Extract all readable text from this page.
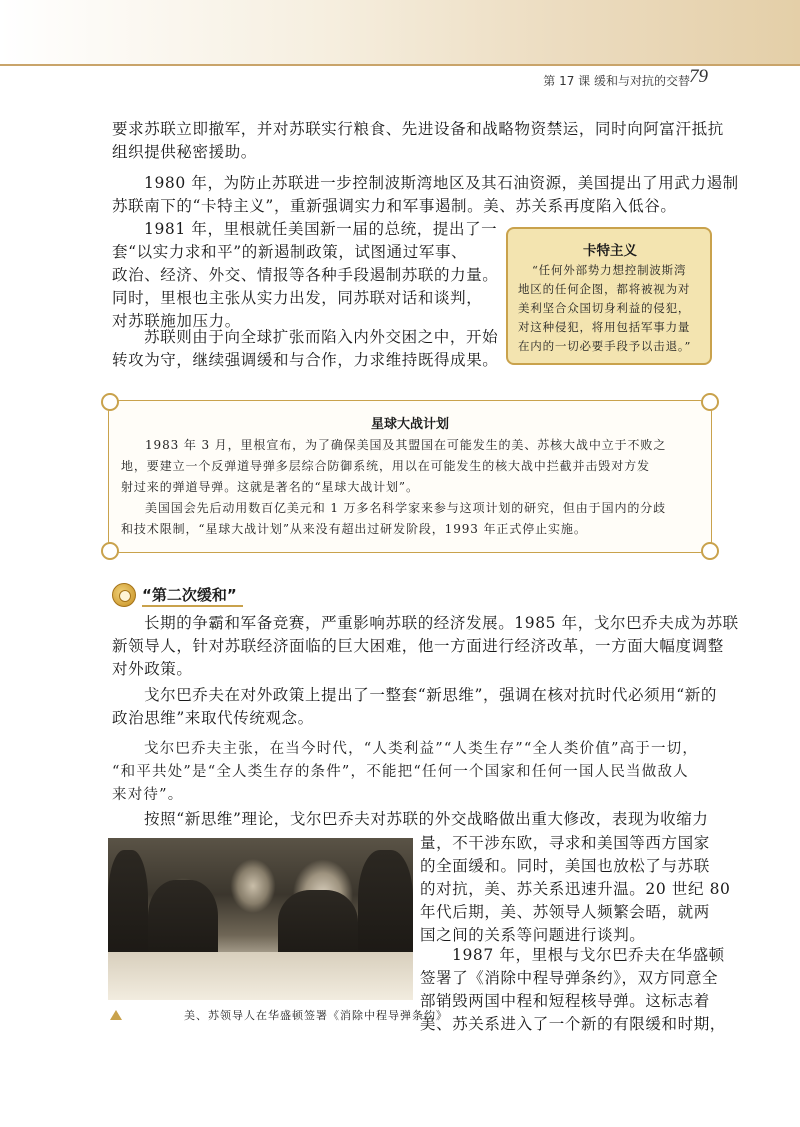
第 17 课 缓和与对抗的交替 79

要求苏联立即撤军，并对苏联实行粮食、先进设备和战略物资禁运，同时向阿富汗抵抗
组织提供秘密援助。

1980 年，为防止苏联进一步控制波斯湾地区及其石油资源，美国提出了用武力遏制
苏联南下的“卡特主义”，重新强调实力和军事遏制。美、苏关系再度陷入低谷。

1981 年，里根就任美国新一届的总统，提出了一
套“以实力求和平”的新遏制政策，试图通过军事、
政治、经济、外交、情报等各种手段遏制苏联的力量。
同时，里根也主张从实力出发，同苏联对话和谈判，
对苏联施加压力。

苏联则由于向全球扩张而陷入内外交困之中，开始
转攻为守，继续强调缓和与合作，力求维持既得成果。

卡特主义
“任何外部势力想控制波斯湾
地区的任何企图，都将被视为对
美利坚合众国切身利益的侵犯，
对这种侵犯，将用包括军事力量
在内的一切必要手段予以击退。”
星球大战计划
1983 年 3 月，里根宣布，为了确保美国及其盟国在可能发生的美、苏核大战中立于不败之
地，要建立一个反弹道导弹多层综合防御系统，用以在可能发生的核大战中拦截并击毁对方发
射过来的弹道导弹。这就是著名的“星球大战计划”。
美国国会先后动用数百亿美元和 1 万多名科学家来参与这项计划的研究，但由于国内的分歧
和技术限制，“星球大战计划”从来没有超出过研发阶段，1993 年正式停止实施。
“第二次缓和”

长期的争霸和军备竞赛，严重影响苏联的经济发展。1985 年，戈尔巴乔夫成为苏联
新领导人，针对苏联经济面临的巨大困难，他一方面进行经济改革，一方面大幅度调整
对外政策。

戈尔巴乔夫在对外政策上提出了一整套“新思维”，强调在核对抗时代必须用“新的
政治思维”来取代传统观念。

戈尔巴乔夫主张，在当今时代，“人类利益”“人类生存”“全人类价值”高于一切，
“和平共处”是“全人类生存的条件”，不能把“任何一个国家和任何一国人民当做敌人
来对待”。

按照“新思维”理论，戈尔巴乔夫对苏联的外交战略做出重大修改，表现为收缩力

量，不干涉东欧，寻求和美国等西方国家
的全面缓和。同时，美国也放松了与苏联
的对抗，美、苏关系迅速升温。20 世纪 80
年代后期，美、苏领导人频繁会晤，就两
国之间的关系等问题进行谈判。

1987 年，里根与戈尔巴乔夫在华盛顿
签署了《消除中程导弹条约》，双方同意全
部销毁两国中程和短程核导弹。这标志着
美、苏关系进入了一个新的有限缓和时期，

美、苏领导人在华盛顿签署《消除中程导弹条约》
